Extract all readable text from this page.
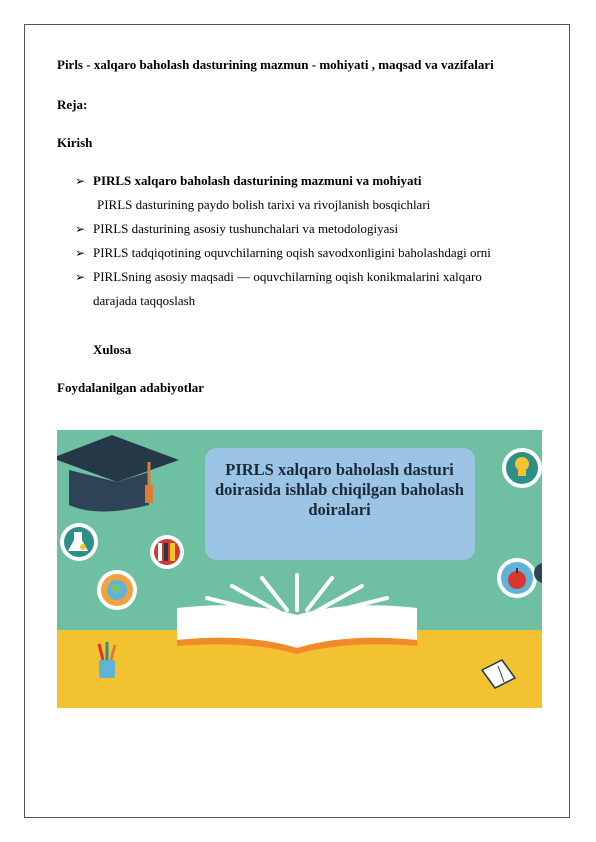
Pirls - xalqaro baholash dasturining mazmun - mohiyati , maqsad va vazifalari
Reja:
Kirish
➢ PIRLS xalqaro baholash dasturining mazmuni va mohiyati
PIRLS dasturining paydo bolish tarixi va rivojlanish bosqichlari
➢ PIRLS dasturining asosiy tushunchalari va metodologiyasi
➢ PIRLS tadqiqotining oquvchilarning oqish savodxonligini baholashdagi orni
➢ PIRLSning asosiy maqsadi — oquvchilarning oqish konikmalarini xalqaro
darajada taqqoslash
Xulosa
Foydalanilgan adabiyotlar
PIRLS xalqaro baholash dasturi
doirasida ishlab chiqilgan baholash
doiralari
